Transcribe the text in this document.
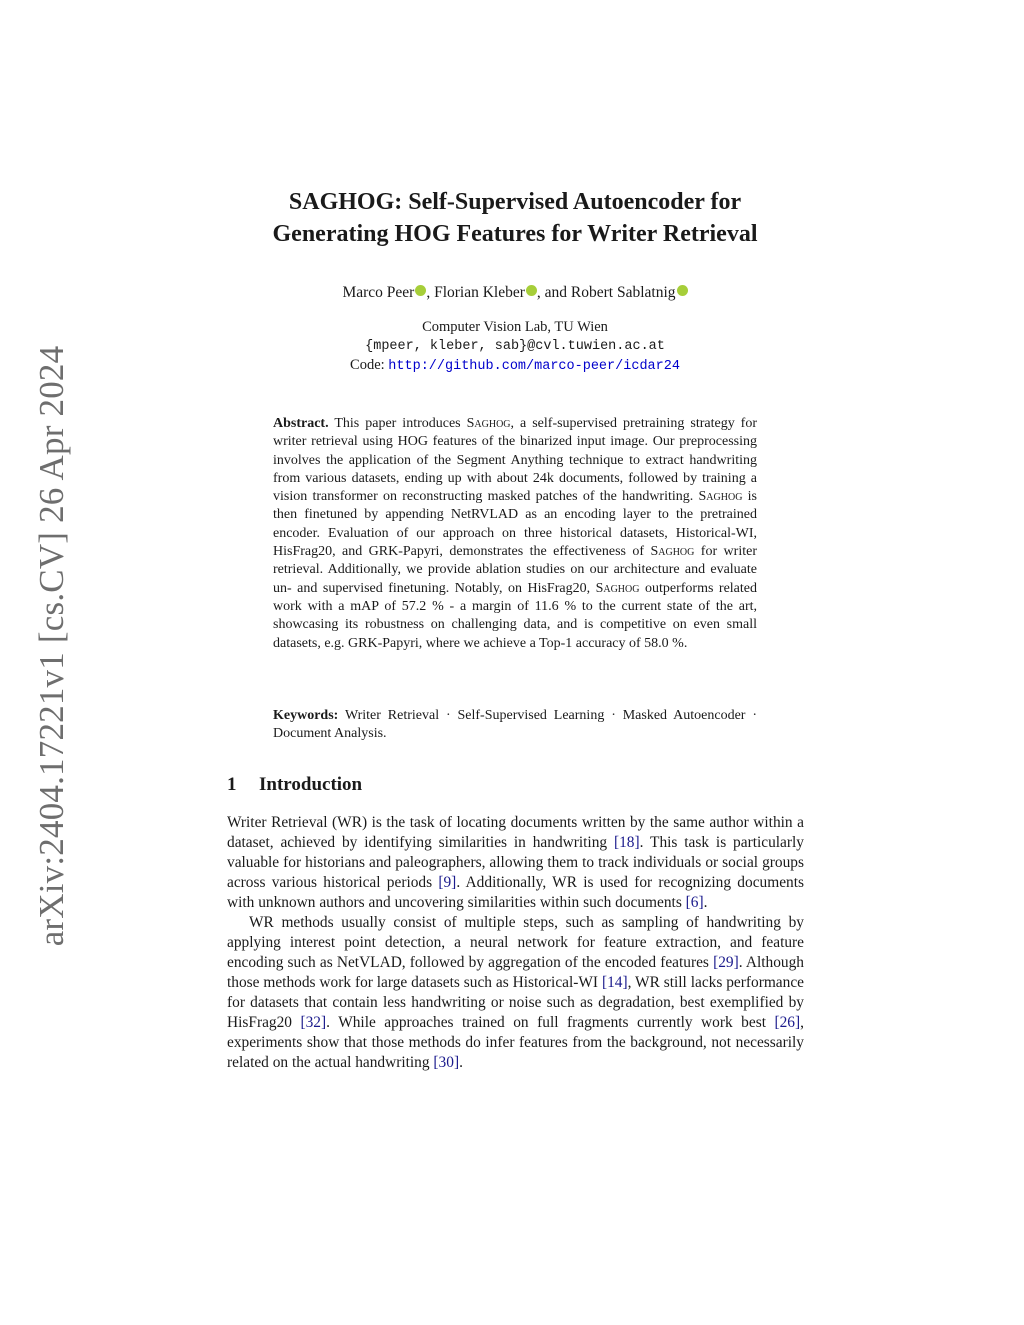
arXiv:2404.17221v1 [cs.CV] 26 Apr 2024
SAGHOG: Self-Supervised Autoencoder for
Generating HOG Features for Writer Retrieval
Marco Peer , Florian Kleber , and Robert Sablatnig
Computer Vision Lab, TU Wien
{mpeer, kleber, sab}@cvl.tuwien.ac.at
Code: http://github.com/marco-peer/icdar24
Abstract. This paper introduces Saghog, a self-supervised pretraining strategy for writer retrieval using HOG features of the binarized input image. Our preprocessing involves the application of the Segment Anything technique to extract handwriting from various datasets, ending up with about 24k documents, followed by training a vision transformer on reconstructing masked patches of the handwriting. Saghog is then finetuned by appending NetRVLAD as an encoding layer to the pretrained encoder. Evaluation of our approach on three historical datasets, Historical-WI, HisFrag20, and GRK-Papyri, demonstrates the effectiveness of Saghog for writer retrieval. Additionally, we provide ablation studies on our architecture and evaluate un- and supervised finetuning. Notably, on HisFrag20, Saghog outperforms related work with a mAP of 57.2 % - a margin of 11.6 % to the current state of the art, showcasing its robustness on challenging data, and is competitive on even small datasets, e.g. GRK-Papyri, where we achieve a Top-1 accuracy of 58.0 %.
Keywords: Writer Retrieval · Self-Supervised Learning · Masked Autoencoder · Document Analysis.
1 Introduction

Writer Retrieval (WR) is the task of locating documents written by the same author within a dataset, achieved by identifying similarities in handwriting [18]. This task is particularly valuable for historians and paleographers, allowing them to track individuals or social groups across various historical periods [9]. Additionally, WR is used for recognizing documents with unknown authors and uncovering similarities within such documents [6].

WR methods usually consist of multiple steps, such as sampling of handwriting by applying interest point detection, a neural network for feature extraction, and feature encoding such as NetVLAD, followed by aggregation of the encoded features [29]. Although those methods work for large datasets such as Historical-WI [14], WR still lacks performance for datasets that contain less handwriting or noise such as degradation, best exemplified by HisFrag20 [32]. While approaches trained on full fragments currently work best [26], experiments show that those methods do infer features from the background, not necessarily related on the actual handwriting [30].
